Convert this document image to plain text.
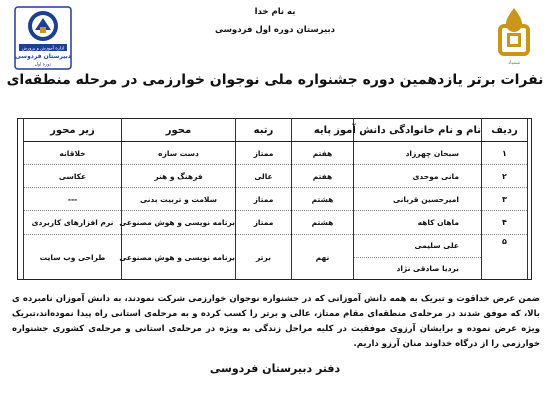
اداره آموزش و پرورش
دبیرستان فردوسی
دوره اول	سمپاد
به نام خدا
دبیرستان دوره اول فردوسی
نفرات برتر یازدهمین دوره جشنواره ملی نوجوان خوارزمی در مرحله منطقه‌ای
ردیف	نام و نام خانوادگی دانش آموز	پایه	رتبه	محور	زیر محور
۱	سبحان چهرزاد	هفتم	ممتاز	دست سازه	خلاقانه
۲	مانی موحدی	هفتم	عالی	فرهنگ و هنر	عکاسی
۳	امیرحسین قربانی	هشتم	ممتاز	سلامت و تربیت بدنی	---
۴	ماهان کاهه	هشتم	ممتاز	برنامه نویسی و هوش مصنوعی	نرم افزارهای کاربردی
۵	علی سلیمی	نهم	برتر	برنامه نویسی و هوش مصنوعی	طراحی وب سایت
	بردیا صادقی نژاد				
ضمن عرض خداقوت و تبریک به همه دانش آموزانی که در جشنواره نوجوان خوارزمی شرکت نمودند، به دانش آموزان نامبرده ی بالا، که موفق شدند در مرحله‌ی منطقه‌ای مقام ممتاز، عالی و برتر را کسب کرده و به مرحله‌ی استانی راه پیدا نموده‌اند،تبریک ویژه عرض نموده و برایشان آرزوی موفقیت در کلیه مراحل زندگی به ویژه در مرحله‌ی استانی و مرحله‌ی کشوری جشنواره خوارزمی را از درگاه خداوند منان آرزو داریم.
دفتر دبیرستان فردوسی
